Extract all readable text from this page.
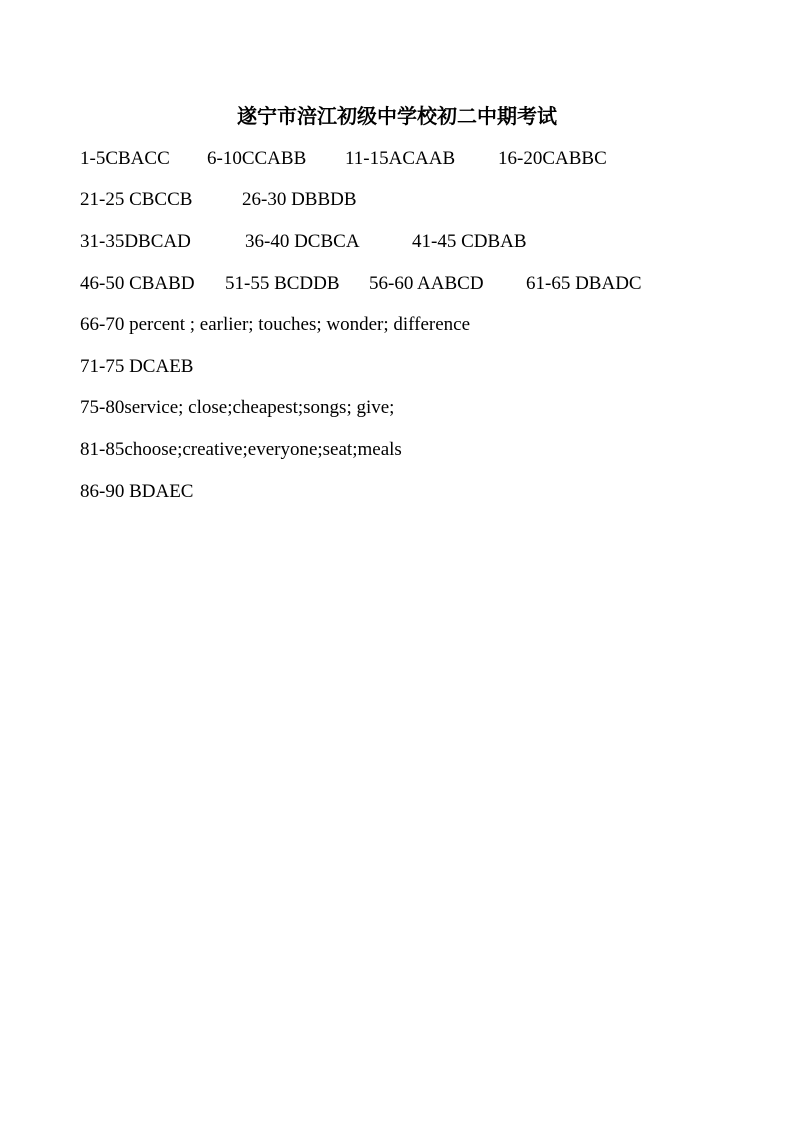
遂宁市涪江初级中学校初二中期考试
1-5CBACC 6-10CCABB 11-15ACAAB 16-20CABBC
21-25 CBCCB	26-30 DBBDB
31-35DBCAD	36-40 DCBCA	41-45 CDBAB
46-50 CBABD 51-55 BCDDB 56-60 AABCD 61-65 DBADC
66-70 percent ; earlier; touches; wonder; difference
71-75 DCAEB
75-80service; close;cheapest;songs; give;
81-85choose;creative;everyone;seat;meals
86-90 BDAEC
